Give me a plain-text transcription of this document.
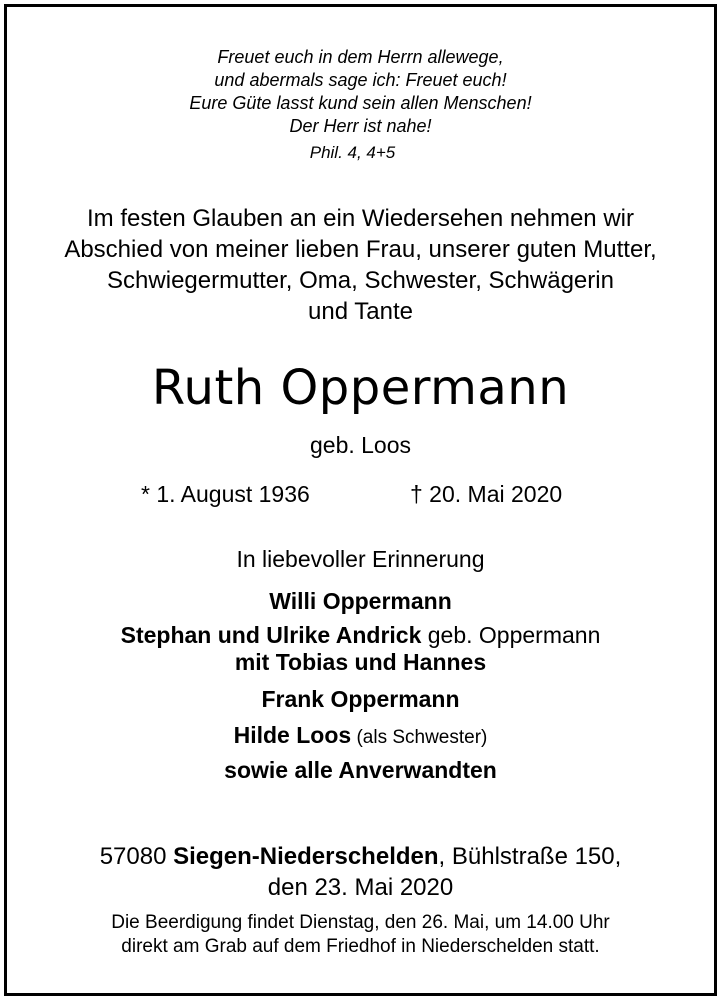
Freuet euch in dem Herrn allewege,
und abermals sage ich: Freuet euch!
Eure Güte lasst kund sein allen Menschen!
Der Herr ist nahe!
Phil. 4, 4+5
Im festen Glauben an ein Wiedersehen nehmen wir
Abschied von meiner lieben Frau, unserer guten Mutter,
Schwiegermutter, Oma, Schwester, Schwägerin
und Tante
Ruth Oppermann
geb. Loos
* 1. August 1936	† 20. Mai 2020
In liebevoller Erinnerung
Willi Oppermann
Stephan und Ulrike Andrick geb. Oppermann
mit Tobias und Hannes
Frank Oppermann
Hilde Loos (als Schwester)
sowie alle Anverwandten
57080 Siegen-Niederschelden, Bühlstraße 150,
den 23. Mai 2020
Die Beerdigung findet Dienstag, den 26. Mai, um 14.00 Uhr
direkt am Grab auf dem Friedhof in Niederschelden statt.
